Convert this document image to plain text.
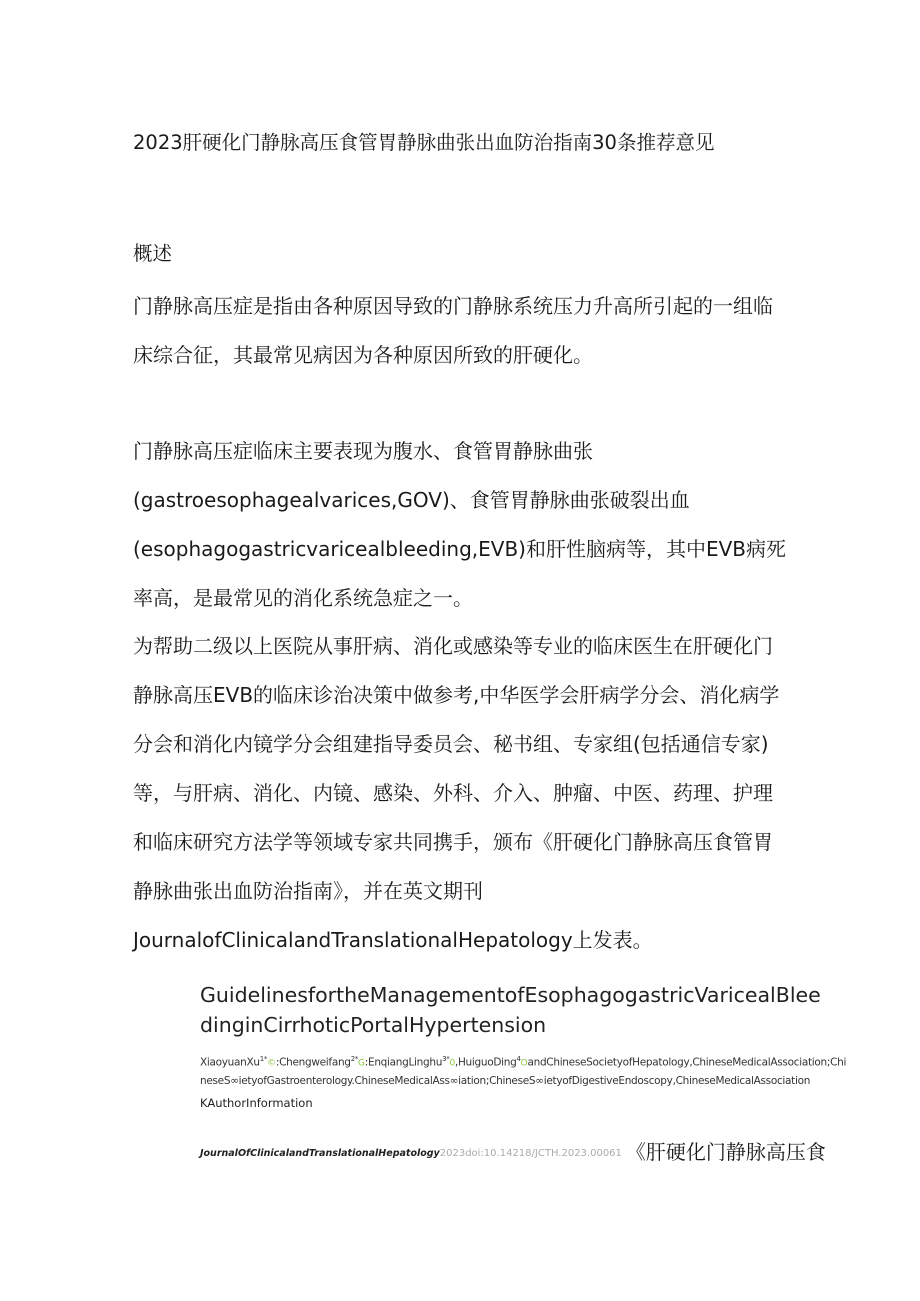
2023肝硬化门静脉高压食管胃静脉曲张出血防治指南30条推荐意见
概述
门静脉高压症是指由各种原因导致的门静脉系统压力升高所引起的一组临
床综合征，其最常见病因为各种原因所致的肝硬化。
门静脉高压症临床主要表现为腹水、食管胃静脉曲张
(gastroesophagealvarices,GOV)、食管胃静脉曲张破裂出血
(esophagogastricvaricealbleeding,EVB)和肝性脑病等，其中EVB病死
率高，是最常见的消化系统急症之一。
为帮助二级以上医院从事肝病、消化或感染等专业的临床医生在肝硬化门
静脉高压EVB的临床诊治决策中做参考,中华医学会肝病学分会、消化病学
分会和消化内镜学分会组建指导委员会、秘书组、专家组(包括通信专家)
等，与肝病、消化、内镜、感染、外科、介入、肿瘤、中医、药理、护理
和临床研究方法学等领域专家共同携手，颁布《肝硬化门静脉高压食管胃
静脉曲张出血防治指南》，并在英文期刊
JournalofClinicalandTranslationalHepatology上发表。
GuidelinesfortheManagementofEsophagogastricVaricealBlee
dinginCirrhoticPortalHypertension
XiaoyuanXu$^{1*}$©:Chengweifang$^{2*}$G:EnqiangLinghu$^{3*}$0,HuiguoDing$^4$OandChineseSocietyofHepatology,ChineseMedicalAssociation;Chi
neseS∞ietyofGastroenterology.ChineseMedicalAss∞iation;ChineseS∞ietyofDigestiveEndoscopy,ChineseMedicalAssociation
KAuthorInformation
JournalOfClinicalandTranslationalHepatology2023doi:10.14218/JCTH.2023.00061 《肝硬化门静脉高压食
